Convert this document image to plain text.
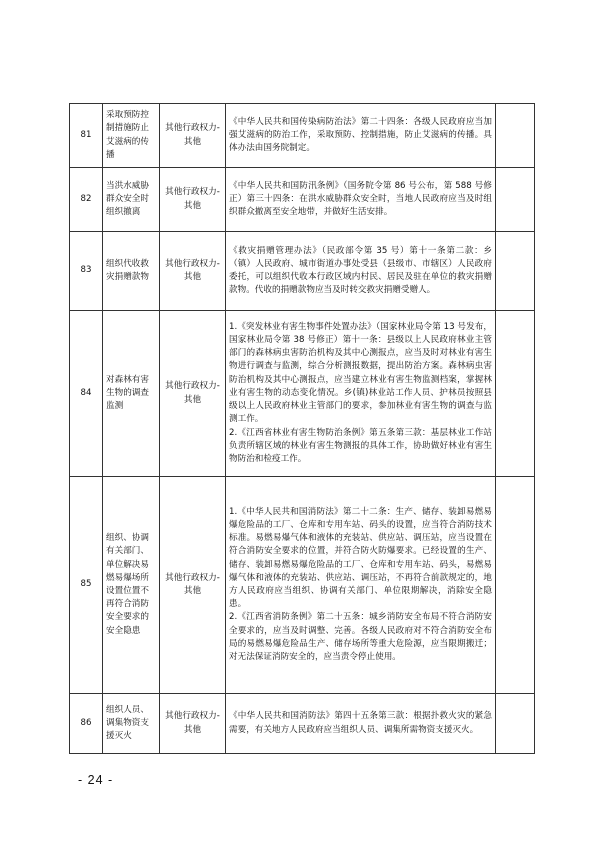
81	采取预防控制措施防止艾滋病的传播	其他行政权力-其他	《中华人民共和国传染病防治法》第二十四条：各级人民政府应当加强艾滋病的防治工作，采取预防、控制措施，防止艾滋病的传播。具体办法由国务院制定。	

82	当洪水威胁群众安全时组织撤离	其他行政权力-其他	《中华人民共和国防汛条例》（国务院令第 86 号公布，第 588 号修正）第三十四条：在洪水威胁群众安全时，当地人民政府应当及时组织群众撤离至安全地带，并做好生活安排。	

83	组织代收救灾捐赠款物	其他行政权力-其他	《救灾捐赠管理办法》（民政部令第 35 号）第十一条第二款：乡（镇）人民政府、城市街道办事处受县（县级市、市辖区）人民政府委托，可以组织代收本行政区域内村民、居民及驻在单位的救灾捐赠款物。代收的捐赠款物应当及时转交救灾捐赠受赠人。	

84	对森林有害生物的调查监测	其他行政权力-其他	1.《突发林业有害生物事件处置办法》（国家林业局令第 13 号发布，国家林业局令第 38 号修正）第十一条：县级以上人民政府林业主管部门的森林病虫害防治机构及其中心测报点，应当及时对林业有害生物进行调查与监测，综合分析测报数据，提出防治方案。森林病虫害防治机构及其中心测报点，应当建立林业有害生物监测档案，掌握林业有害生物的动态变化情况。乡(镇)林业站工作人员、护林员按照县级以上人民政府林业主管部门的要求，参加林业有害生物的调查与监测工作。
2.《江西省林业有害生物防治条例》第五条第三款：基层林业工作站负责所辖区域的林业有害生物测报的具体工作，协助做好林业有害生物防治和检疫工作。	

85	组织、协调有关部门、单位解决易燃易爆场所设置位置不再符合消防安全要求的安全隐患	其他行政权力-其他	1.《中华人民共和国消防法》第二十二条：生产、储存、装卸易燃易爆危险品的工厂、仓库和专用车站、码头的设置，应当符合消防技术标准。易燃易爆气体和液体的充装站、供应站、调压站，应当设置在符合消防安全要求的位置，并符合防火防爆要求。已经设置的生产、储存、装卸易燃易爆危险品的工厂、仓库和专用车站、码头，易燃易爆气体和液体的充装站、供应站、调压站，不再符合前款规定的，地方人民政府应当组织、协调有关部门、单位限期解决，消除安全隐患。
2.《江西省消防条例》第二十五条：城乡消防安全布局不符合消防安全要求的，应当及时调整、完善。各级人民政府对不符合消防安全布局的易燃易爆危险品生产、储存场所等重大危险源，应当限期搬迁；对无法保证消防安全的，应当责令停止使用。	

86	组织人员、调集物资支援灭火	其他行政权力-其他	《中华人民共和国消防法》第四十五条第三款：根据扑救火灾的紧急需要，有关地方人民政府应当组织人员、调集所需物资支援灭火。	

- 24 -
